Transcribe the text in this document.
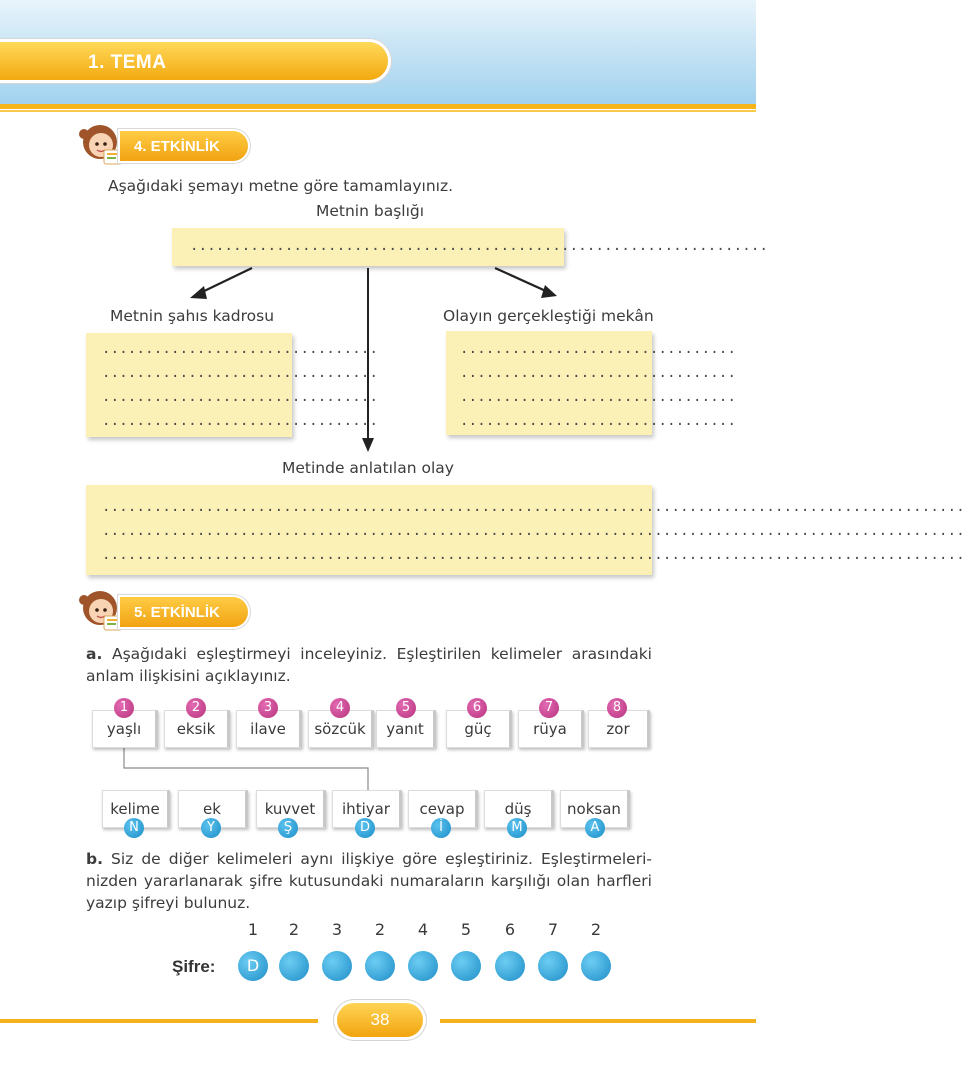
1. TEMA
4. ETKİNLİK
Aşağıdaki şemayı metne göre tamamlayınız.
Metnin başlığı
...................................................................
Metnin şahıs kadrosu	Olayın gerçekleştiği mekân
................................
................................
................................
................................
................................
................................
................................
................................
Metinde anlatılan olay
....................................................................................................
....................................................................................................
....................................................................................................
5. ETKİNLİK
a. Aşağıdaki eşleştirmeyi inceleyiniz. Eşleştirilen kelimeler arasındaki
anlam ilişkisini açıklayınız.
yaşlı
1
eksik
2
ilave
3
sözcük
4
yanıt
5
güç
6
rüya
7
zor
8
kelime
N
ek
Y
kuvvet
Ş
ihtiyar
D
cevap
İ
düş
M
noksan
A
b. Siz de diğer kelimeleri aynı ilişkiye göre eşleştiriniz. Eşleştirmeleri-
nizden yararlanarak şifre kutusundaki numaraların karşılığı olan harfleri
yazıp şifreyi bulunuz.
1	2	3	2	4	5	6	7	2
Şifre:	D
38
